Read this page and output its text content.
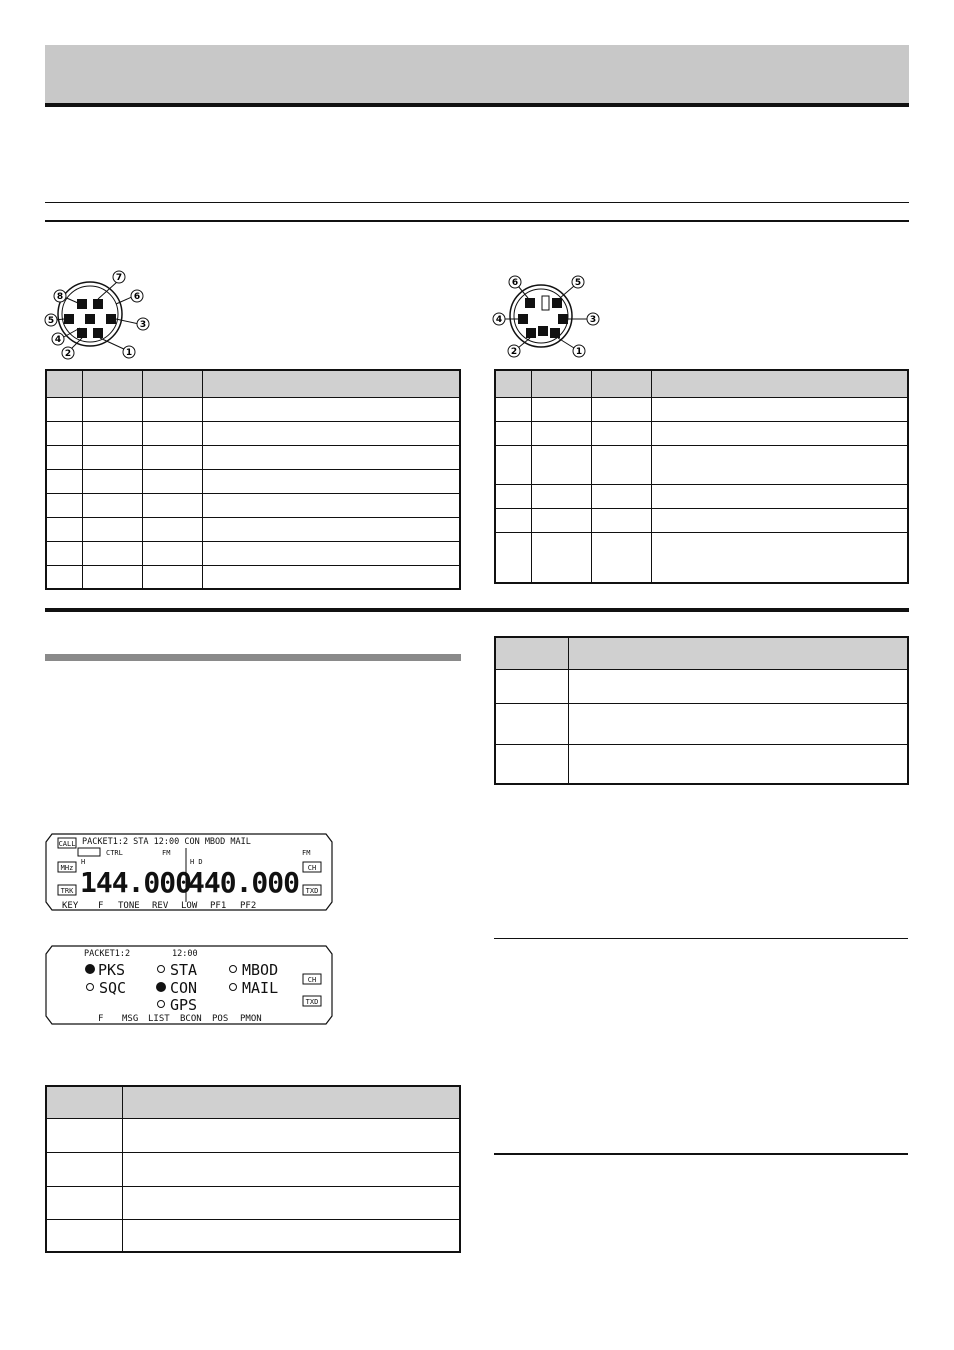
7
8	6
5	3
4
2	1
6	5
4	3
2	1

CALL
MHz
TRK
CH
TXD
PACKET1:2 STA 12:00 CON MBOD MAIL
CTRL	FM	FM
H	H D
144.000
440.000
KEY F TONE REV LOW PF1 PF2
PACKET1:2	12:00
PKS	STA	MBOD
SQC	CON	MAIL
GPS
CH
TXD
F MSG LIST BCON POS PMON
